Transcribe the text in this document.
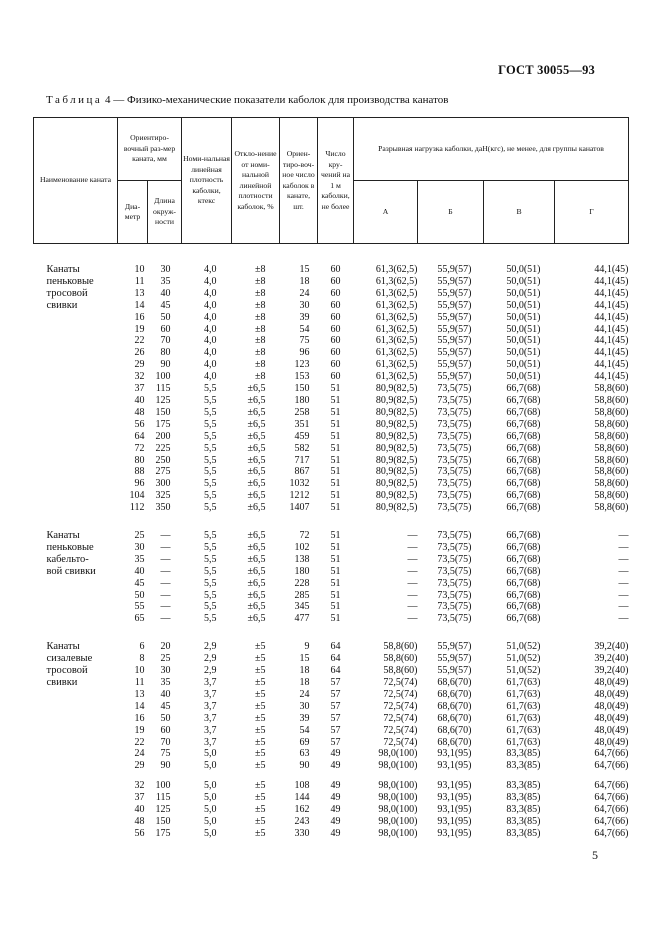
ГОСТ 30055—93
Таблица 4 — Физико-механические показатели каболок для производства канатов
Наименование каната	Ориентиро-вочный раз-мер каната, мм		Номи-нальная линейная плотность каболки, ктекс	Откло-нение от номи-нальной линейной плотности каболок, %	Ориен-тиро-воч-ное число каболок в канате, шт.	Число кру-чений на 1 м каболки, не более	Разрывная нагрузка каболки, даН(кгс), не менее, для группы канатов			
	Диа-метр	Длина окруж-ности					А	Б	В	Г

Канаты
пеньковые
тросовой
свивки	10	30	4,0	±8	15	60	61,3(62,5)	55,9(57)	50,0(51)	44,1(45)
	11	35	4,0	±8	18	60	61,3(62,5)	55,9(57)	50,0(51)	44,1(45)
	13	40	4,0	±8	24	60	61,3(62,5)	55,9(57)	50,0(51)	44,1(45)
	14	45	4,0	±8	30	60	61,3(62,5)	55,9(57)	50,0(51)	44,1(45)
	16	50	4,0	±8	39	60	61,3(62,5)	55,9(57)	50,0(51)	44,1(45)
	19	60	4,0	±8	54	60	61,3(62,5)	55,9(57)	50,0(51)	44,1(45)
	22	70	4,0	±8	75	60	61,3(62,5)	55,9(57)	50,0(51)	44,1(45)
	26	80	4,0	±8	96	60	61,3(62,5)	55,9(57)	50,0(51)	44,1(45)
	29	90	4,0	±8	123	60	61,3(62,5)	55,9(57)	50,0(51)	44,1(45)
	32	100	4,0	±8	153	60	61,3(62,5)	55,9(57)	50,0(51)	44,1(45)
	37	115	5,5	±6,5	150	51	80,9(82,5)	73,5(75)	66,7(68)	58,8(60)
	40	125	5,5	±6,5	180	51	80,9(82,5)	73,5(75)	66,7(68)	58,8(60)
	48	150	5,5	±6,5	258	51	80,9(82,5)	73,5(75)	66,7(68)	58,8(60)
	56	175	5,5	±6,5	351	51	80,9(82,5)	73,5(75)	66,7(68)	58,8(60)
	64	200	5,5	±6,5	459	51	80,9(82,5)	73,5(75)	66,7(68)	58,8(60)
	72	225	5,5	±6,5	582	51	80,9(82,5)	73,5(75)	66,7(68)	58,8(60)
	80	250	5,5	±6,5	717	51	80,9(82,5)	73,5(75)	66,7(68)	58,8(60)
	88	275	5,5	±6,5	867	51	80,9(82,5)	73,5(75)	66,7(68)	58,8(60)
	96	300	5,5	±6,5	1032	51	80,9(82,5)	73,5(75)	66,7(68)	58,8(60)
	104	325	5,5	±6,5	1212	51	80,9(82,5)	73,5(75)	66,7(68)	58,8(60)
	112	350	5,5	±6,5	1407	51	80,9(82,5)	73,5(75)	66,7(68)	58,8(60)

Канаты
пеньковые
кабельто-
вой свивки	25	—	5,5	±6,5	72	51	—	73,5(75)	66,7(68)	—
	30	—	5,5	±6,5	102	51	—	73,5(75)	66,7(68)	—
	35	—	5,5	±6,5	138	51	—	73,5(75)	66,7(68)	—
	40	—	5,5	±6,5	180	51	—	73,5(75)	66,7(68)	—
	45	—	5,5	±6,5	228	51	—	73,5(75)	66,7(68)	—
	50	—	5,5	±6,5	285	51	—	73,5(75)	66,7(68)	—
	55	—	5,5	±6,5	345	51	—	73,5(75)	66,7(68)	—
	65	—	5,5	±6,5	477	51	—	73,5(75)	66,7(68)	—

Канаты
сизалевые
тросовой
свивки	6	20	2,9	±5	9	64	58,8(60)	55,9(57)	51,0(52)	39,2(40)
	8	25	2,9	±5	15	64	58,8(60)	55,9(57)	51,0(52)	39,2(40)
	10	30	2,9	±5	18	64	58,8(60)	55,9(57)	51,0(52)	39,2(40)
	11	35	3,7	±5	18	57	72,5(74)	68,6(70)	61,7(63)	48,0(49)
	13	40	3,7	±5	24	57	72,5(74)	68,6(70)	61,7(63)	48,0(49)
	14	45	3,7	±5	30	57	72,5(74)	68,6(70)	61,7(63)	48,0(49)
	16	50	3,7	±5	39	57	72,5(74)	68,6(70)	61,7(63)	48,0(49)
	19	60	3,7	±5	54	57	72,5(74)	68,6(70)	61,7(63)	48,0(49)
	22	70	3,7	±5	69	57	72,5(74)	68,6(70)	61,7(63)	48,0(49)
	24	75	5,0	±5	63	49	98,0(100)	93,1(95)	83,3(85)	64,7(66)
	29	90	5,0	±5	90	49	98,0(100)	93,1(95)	83,3(85)	64,7(66)

	32	100	5,0	±5	108	49	98,0(100)	93,1(95)	83,3(85)	64,7(66)
	37	115	5,0	±5	144	49	98,0(100)	93,1(95)	83,3(85)	64,7(66)
	40	125	5,0	±5	162	49	98,0(100)	93,1(95)	83,3(85)	64,7(66)
	48	150	5,0	±5	243	49	98,0(100)	93,1(95)	83,3(85)	64,7(66)
	56	175	5,0	±5	330	49	98,0(100)	93,1(95)	83,3(85)	64,7(66)
5
